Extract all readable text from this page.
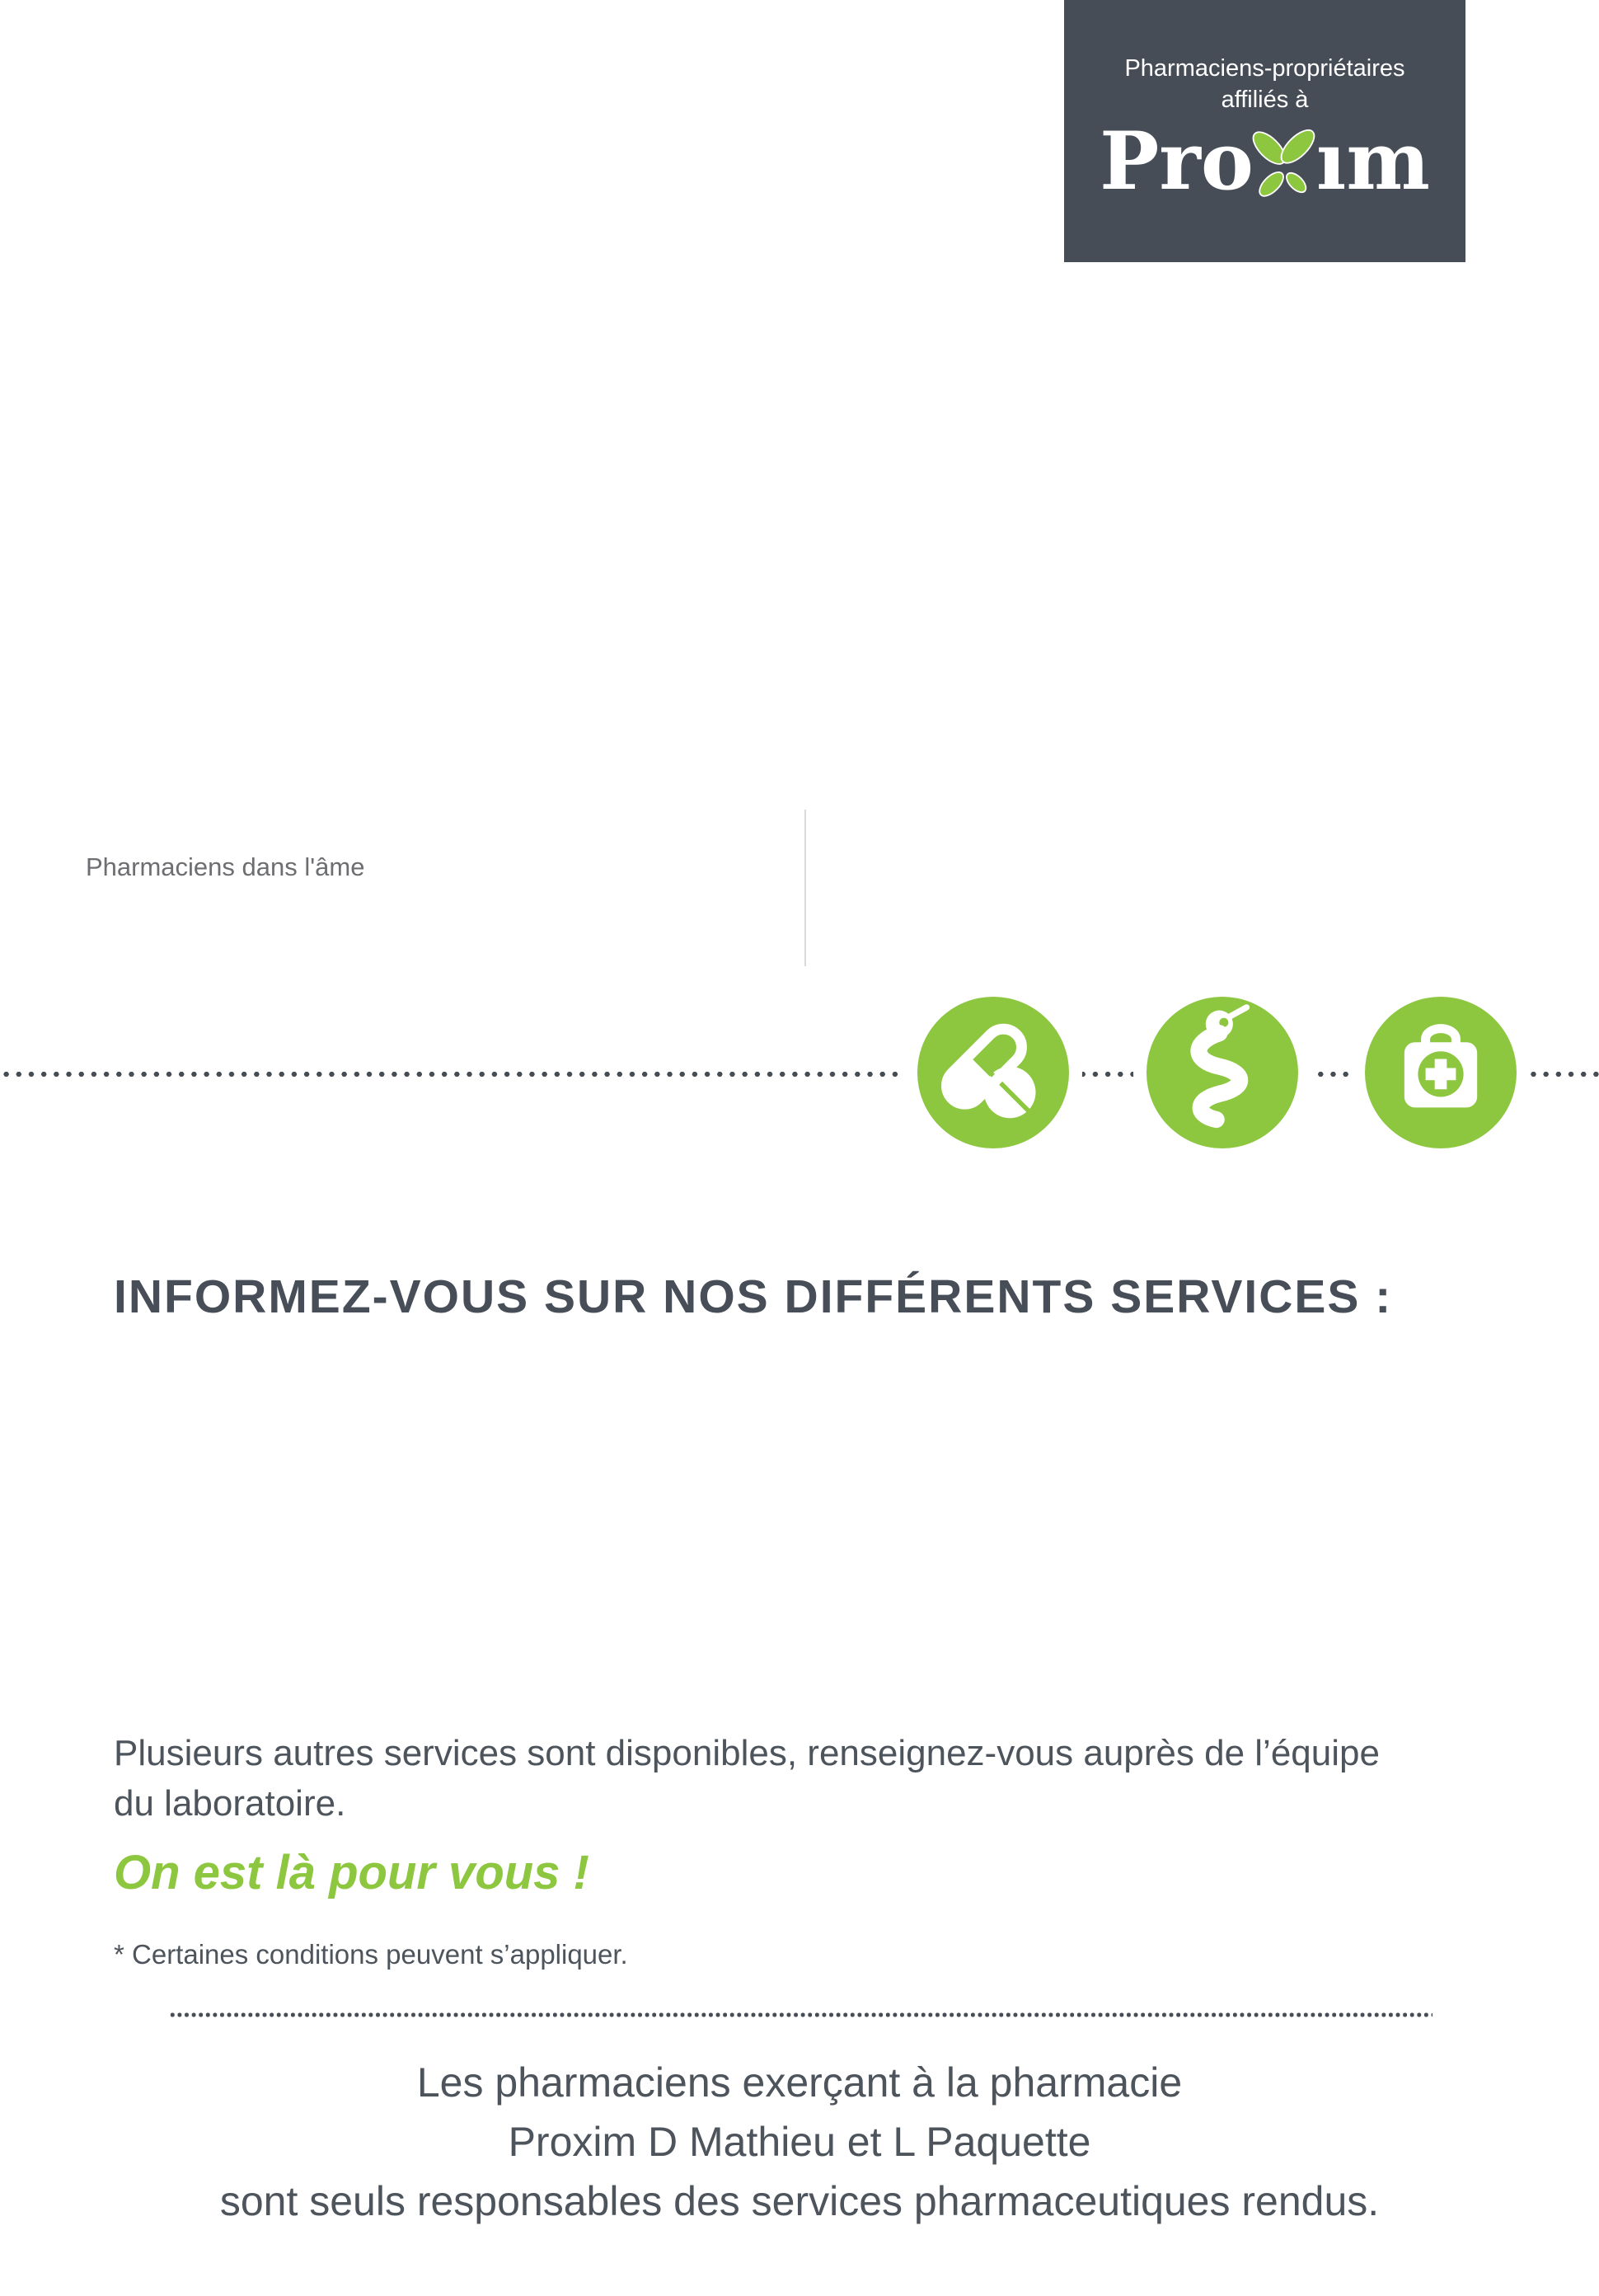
Pharmaciens-propriétaires
affiliés à
Pro ım
Pharmaciens dans l'âme
INFORMEZ-VOUS SUR NOS DIFFÉRENTS SERVICES :
Plusieurs autres services sont disponibles, renseignez-vous auprès de l’équipe
du laboratoire.
On est là pour vous !
* Certaines conditions peuvent s’appliquer.
Les pharmaciens exerçant à la pharmacie
Proxim D Mathieu et L Paquette
sont seuls responsables des services pharmaceutiques rendus.
